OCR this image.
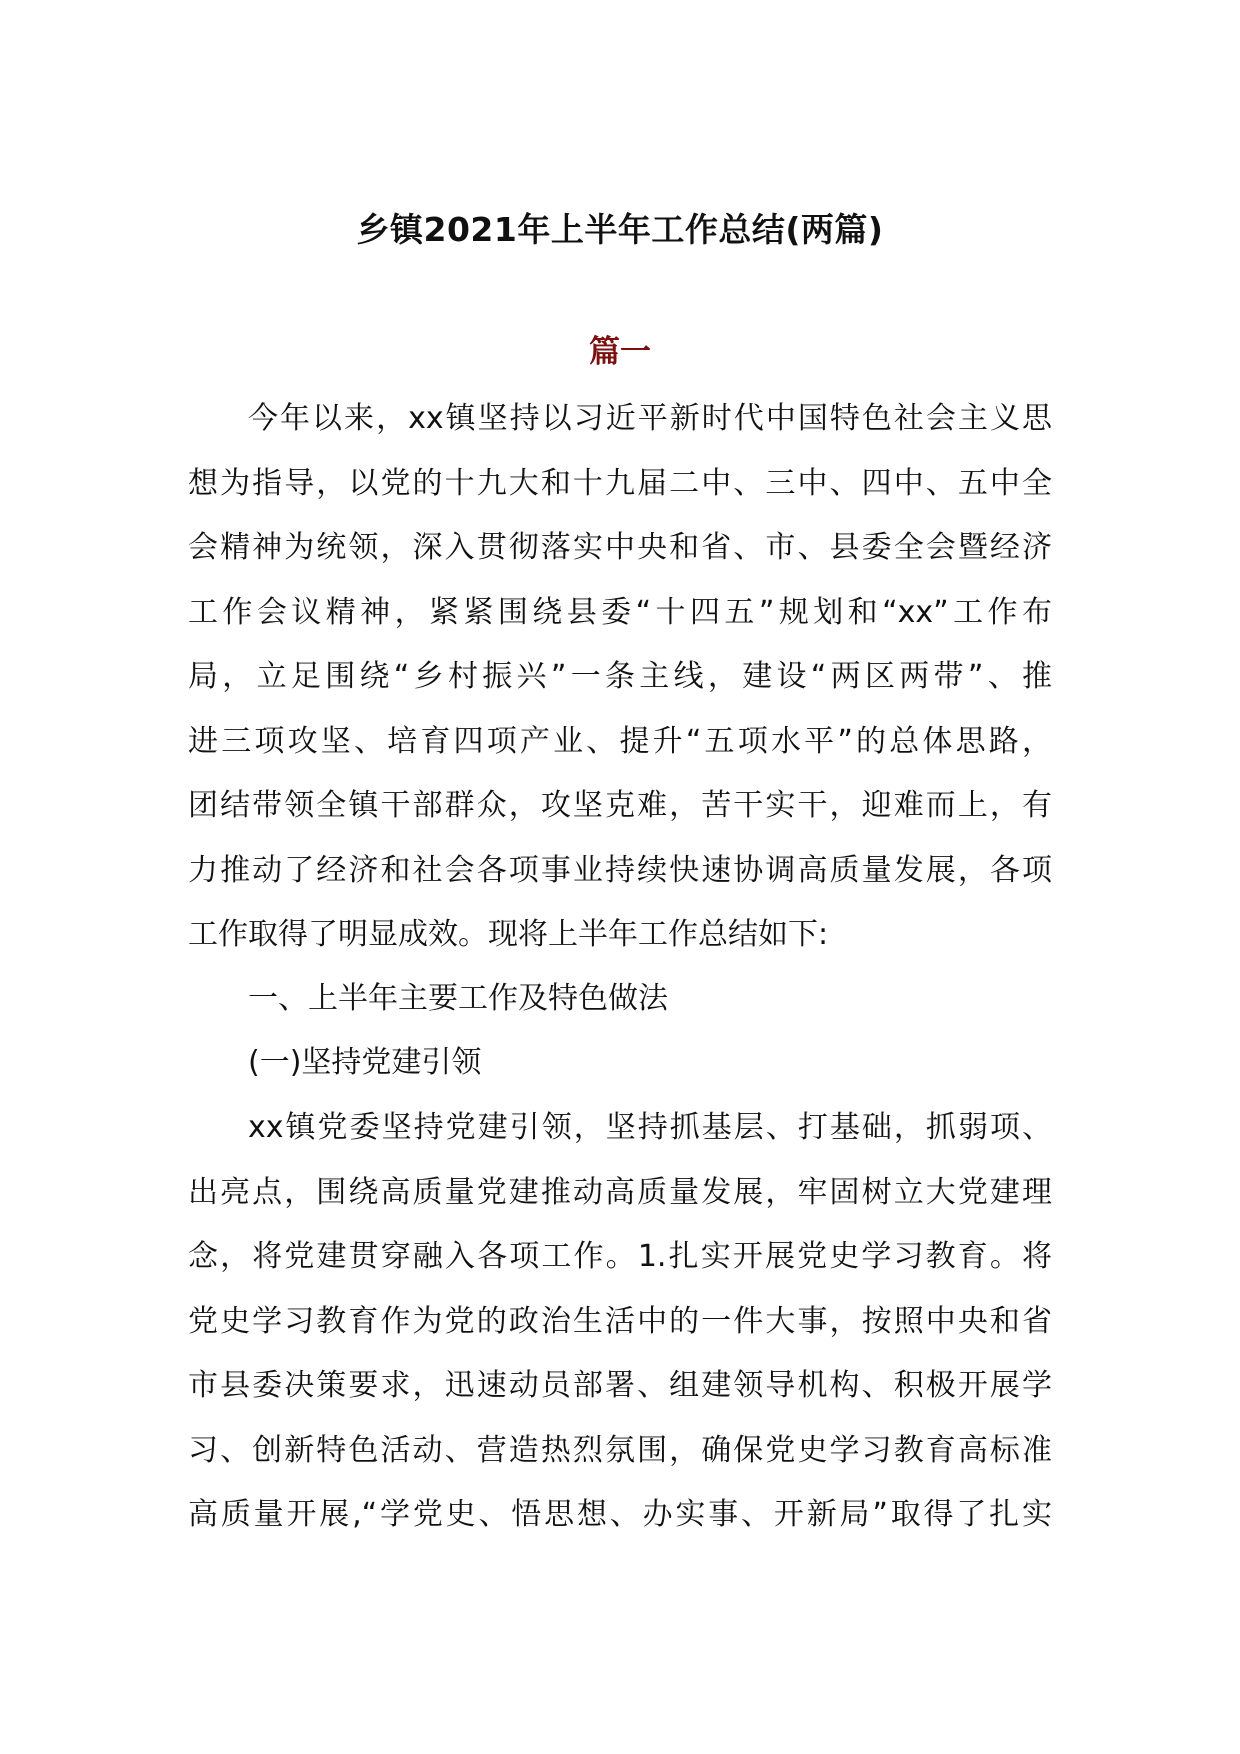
乡镇2021年上半年工作总结(两篇)
篇一
今年以来，xx镇坚持以习近平新时代中国特色社会主义思
想为指导，以党的十九大和十九届二中、三中、四中、五中全
会精神为统领，深入贯彻落实中央和省、市、县委全会暨经济
工作会议精神，紧紧围绕县委“十四五”规划和“xx”工作布
局，立足围绕“乡村振兴”一条主线，建设“两区两带”、推
进三项攻坚、培育四项产业、提升“五项水平”的总体思路，
团结带领全镇干部群众，攻坚克难，苦干实干，迎难而上，有
力推动了经济和社会各项事业持续快速协调高质量发展，各项
工作取得了明显成效。现将上半年工作总结如下:
一、上半年主要工作及特色做法
(一)坚持党建引领
xx镇党委坚持党建引领，坚持抓基层、打基础，抓弱项、
出亮点，围绕高质量党建推动高质量发展，牢固树立大党建理
念，将党建贯穿融入各项工作。1.扎实开展党史学习教育。将
党史学习教育作为党的政治生活中的一件大事，按照中央和省
市县委决策要求，迅速动员部署、组建领导机构、积极开展学
习、创新特色活动、营造热烈氛围，确保党史学习教育高标准
高质量开展,“学党史、悟思想、办实事、开新局”取得了扎实
